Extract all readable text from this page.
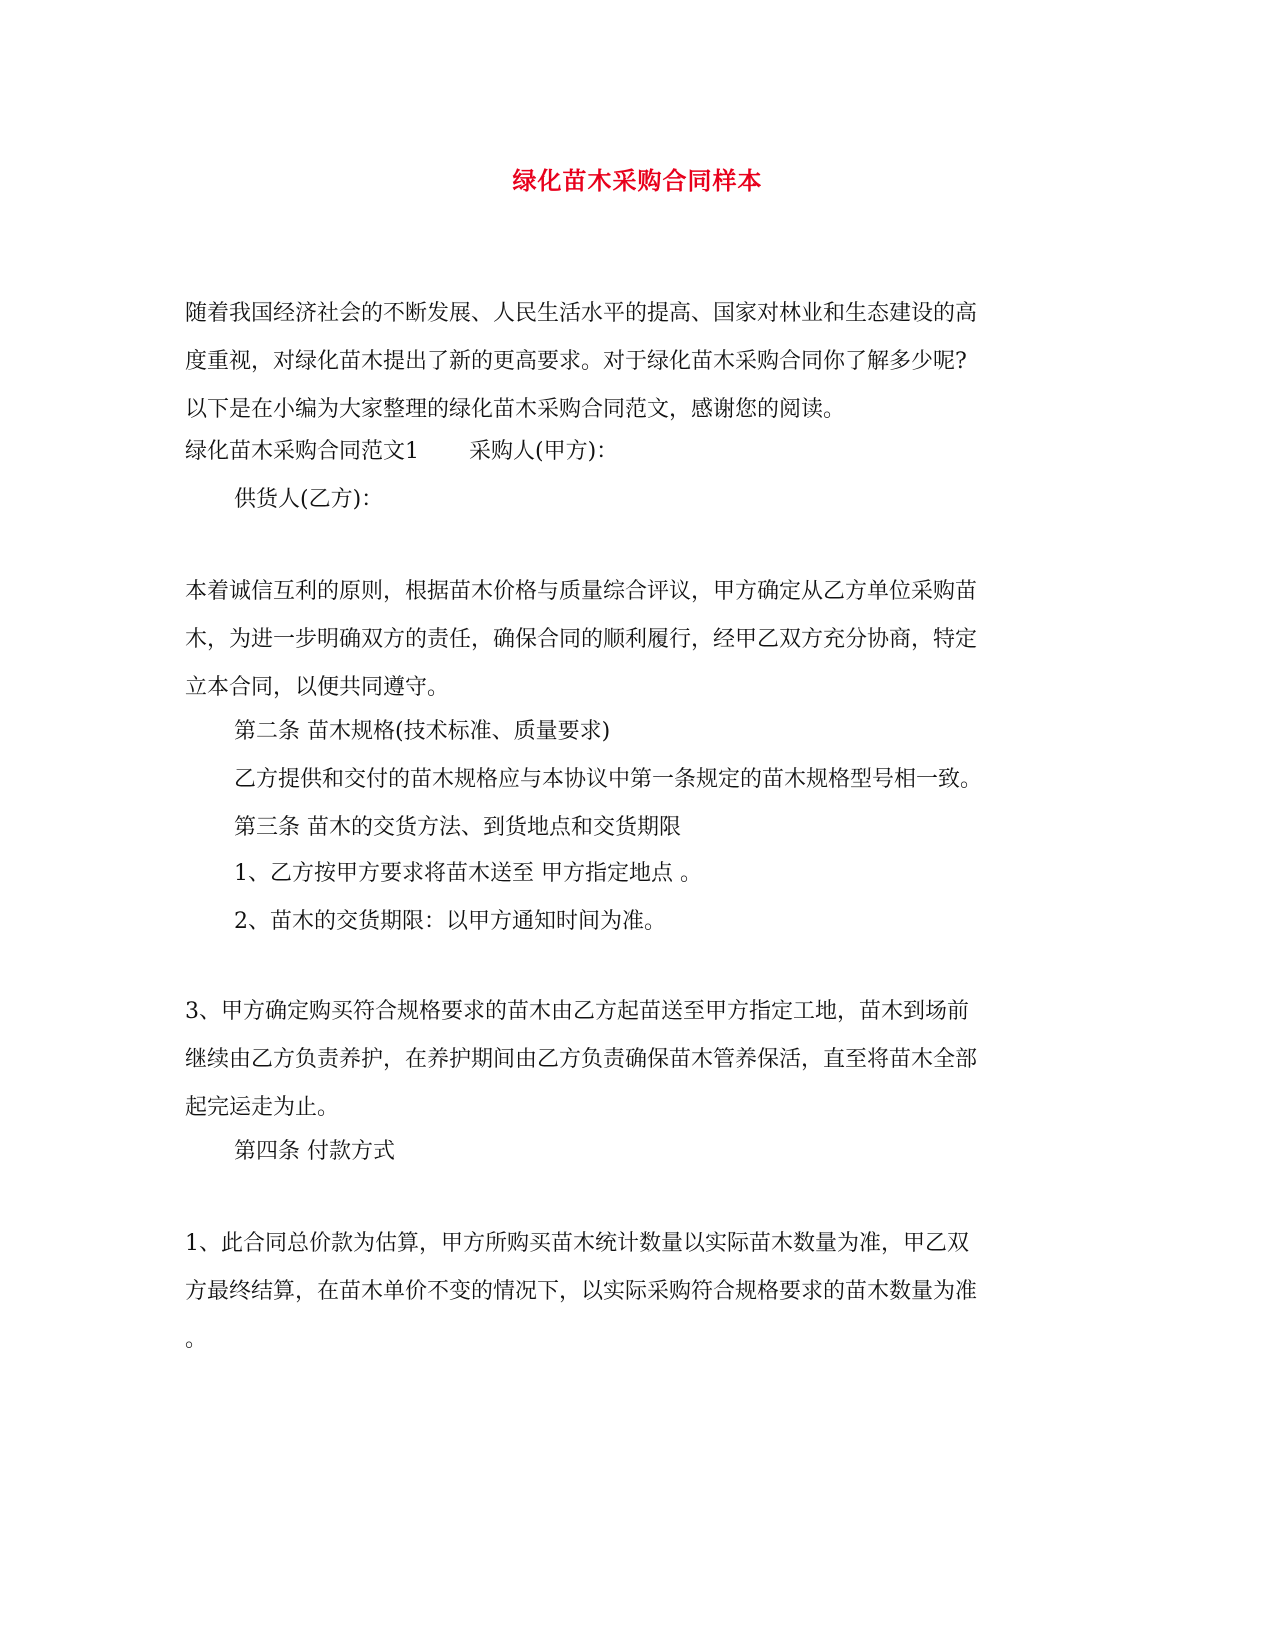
绿化苗木采购合同样本
随着我国经济社会的不断发展、人民生活水平的提高、国家对林业和生态建设的高
度重视，对绿化苗木提出了新的更高要求。对于绿化苗木采购合同你了解多少呢?
以下是在小编为大家整理的绿化苗木采购合同范文，感谢您的阅读。
绿化苗木采购合同范文1 采购人(甲方)：
供货人(乙方)：
本着诚信互利的原则，根据苗木价格与质量综合评议，甲方确定从乙方单位采购苗
木，为进一步明确双方的责任，确保合同的顺利履行，经甲乙双方充分协商，特定
立本合同，以便共同遵守。
第二条 苗木规格(技术标准、质量要求)
乙方提供和交付的苗木规格应与本协议中第一条规定的苗木规格型号相一致。
第三条 苗木的交货方法、到货地点和交货期限
1、乙方按甲方要求将苗木送至 甲方指定地点 。
2、苗木的交货期限：以甲方通知时间为准。
3、甲方确定购买符合规格要求的苗木由乙方起苗送至甲方指定工地，苗木到场前
继续由乙方负责养护，在养护期间由乙方负责确保苗木管养保活，直至将苗木全部
起完运走为止。
第四条 付款方式
1、此合同总价款为估算，甲方所购买苗木统计数量以实际苗木数量为准，甲乙双
方最终结算，在苗木单价不变的情况下，以实际采购符合规格要求的苗木数量为准
。
